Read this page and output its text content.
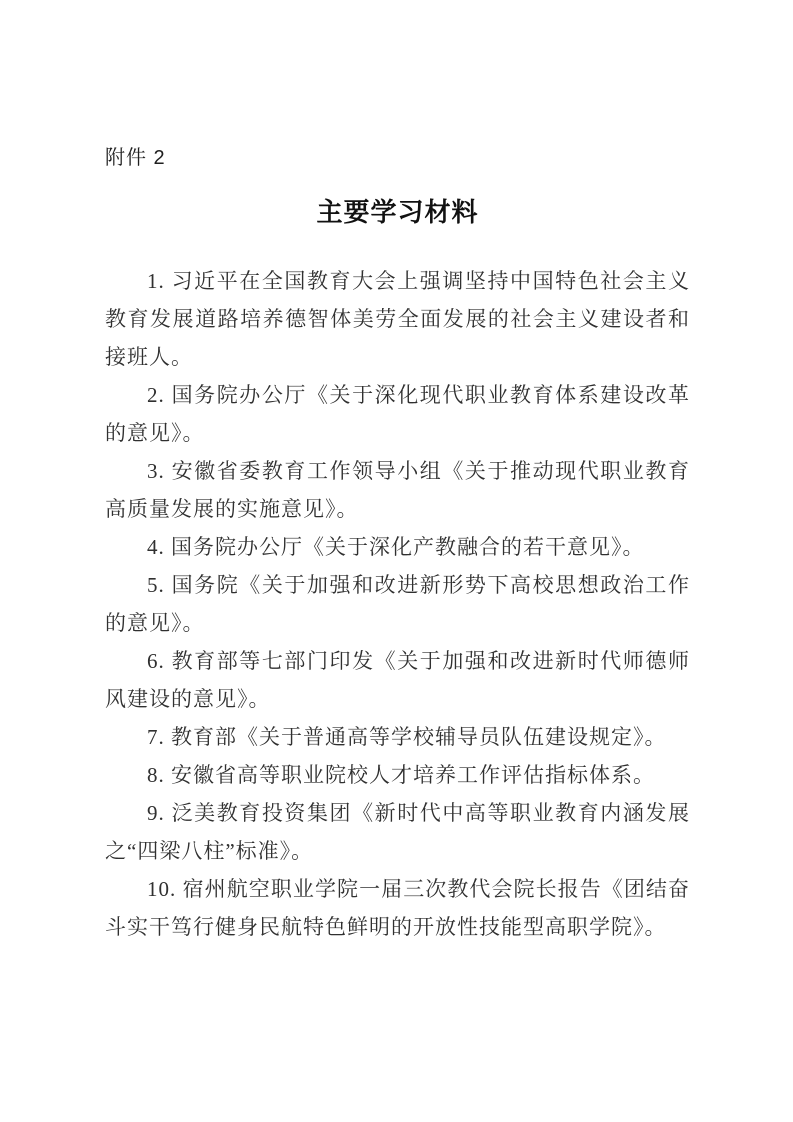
附件 2
主要学习材料

1. 习近平在全国教育大会上强调坚持中国特色社会主义教育发展道路培养德智体美劳全面发展的社会主义建设者和接班人。

2. 国务院办公厅《关于深化现代职业教育体系建设改革的意见》。

3. 安徽省委教育工作领导小组《关于推动现代职业教育高质量发展的实施意见》。

4. 国务院办公厅《关于深化产教融合的若干意见》。

5. 国务院《关于加强和改进新形势下高校思想政治工作的意见》。

6. 教育部等七部门印发《关于加强和改进新时代师德师风建设的意见》。

7. 教育部《关于普通高等学校辅导员队伍建设规定》。

8. 安徽省高等职业院校人才培养工作评估指标体系。

9. 泛美教育投资集团《新时代中高等职业教育内涵发展之“四梁八柱”标准》。

10. 宿州航空职业学院一届三次教代会院长报告《团结奋斗实干笃行健身民航特色鲜明的开放性技能型高职学院》。
